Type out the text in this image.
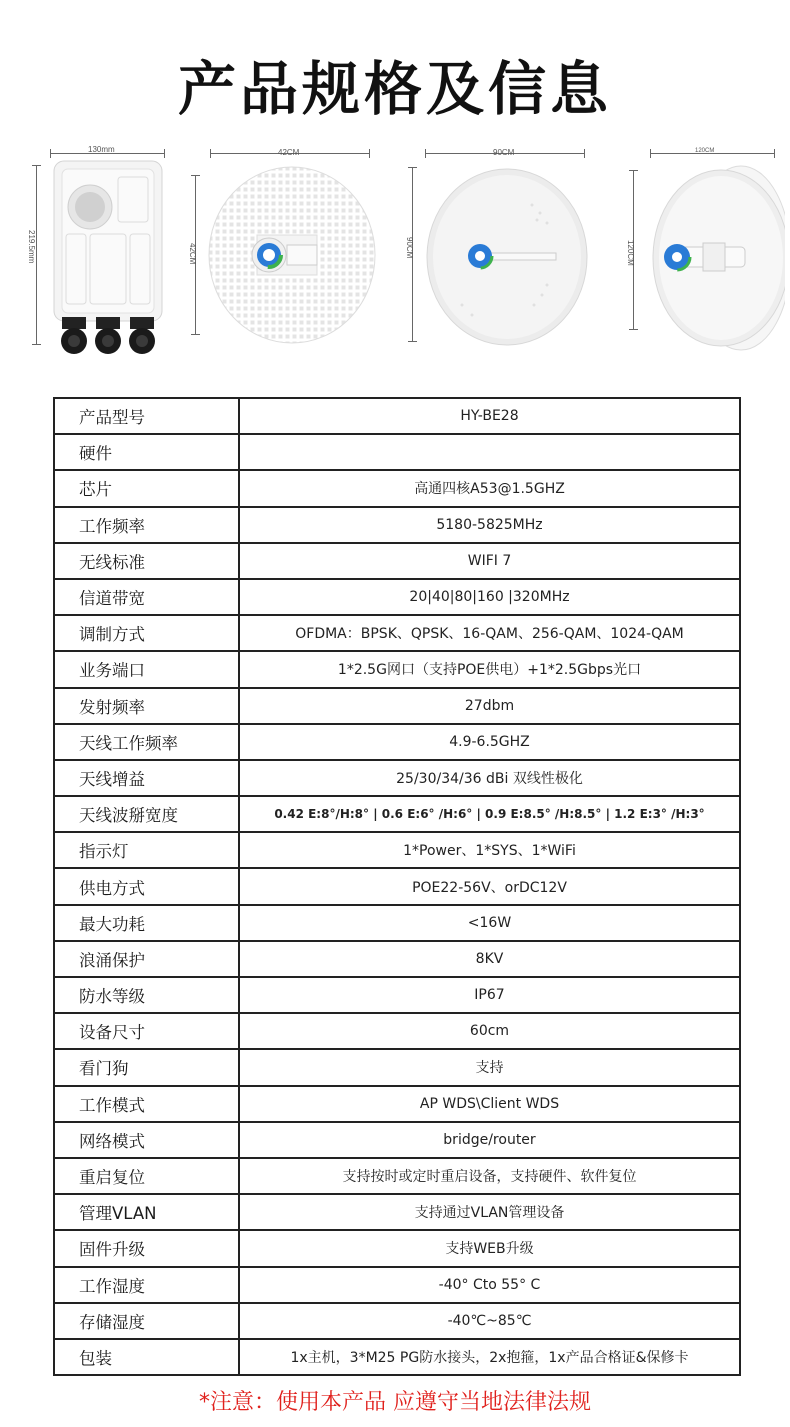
产品规格及信息
130mm
219.5mm
42CM
42CM
90CM
90CM
120CM
120CM
产品型号	HY-BE28
硬件	
芯片	高通四核A53@1.5GHZ
工作频率	5180-5825MHz
无线标准	WIFI 7
信道带宽	20|40|80|160 |320MHz
调制方式	OFDMA：BPSK、QPSK、16-QAM、256-QAM、1024-QAM
业务端口	1*2.5G网口（支持POE供电）+1*2.5Gbps光口
发射频率	27dbm
天线工作频率	4.9-6.5GHZ
天线增益	25/30/34/36 dBi 双线性极化
天线波掰宽度	0.42 E:8°/H:8° | 0.6 E:6° /H:6° | 0.9 E:8.5° /H:8.5° | 1.2 E:3° /H:3°
指示灯	1*Power、1*SYS、1*WiFi
供电方式	POE22-56V、orDC12V
最大功耗	<16W
浪涌保护	8KV
防水等级	IP67
设备尺寸	60cm
看门狗	支持
工作模式	AP WDS\Client WDS
网络模式	bridge/router
重启复位	支持按时或定时重启设备，支持硬件、软件复位
管理VLAN	支持通过VLAN管理设备
固件升级	支持WEB升级
工作湿度	-40° Cto 55° C
存储湿度	-40℃~85℃
包装	1x主机，3*M25 PG防水接头，2x抱箍，1x产品合格证&保修卡
*注意：使用本产品 应遵守当地法律法规
